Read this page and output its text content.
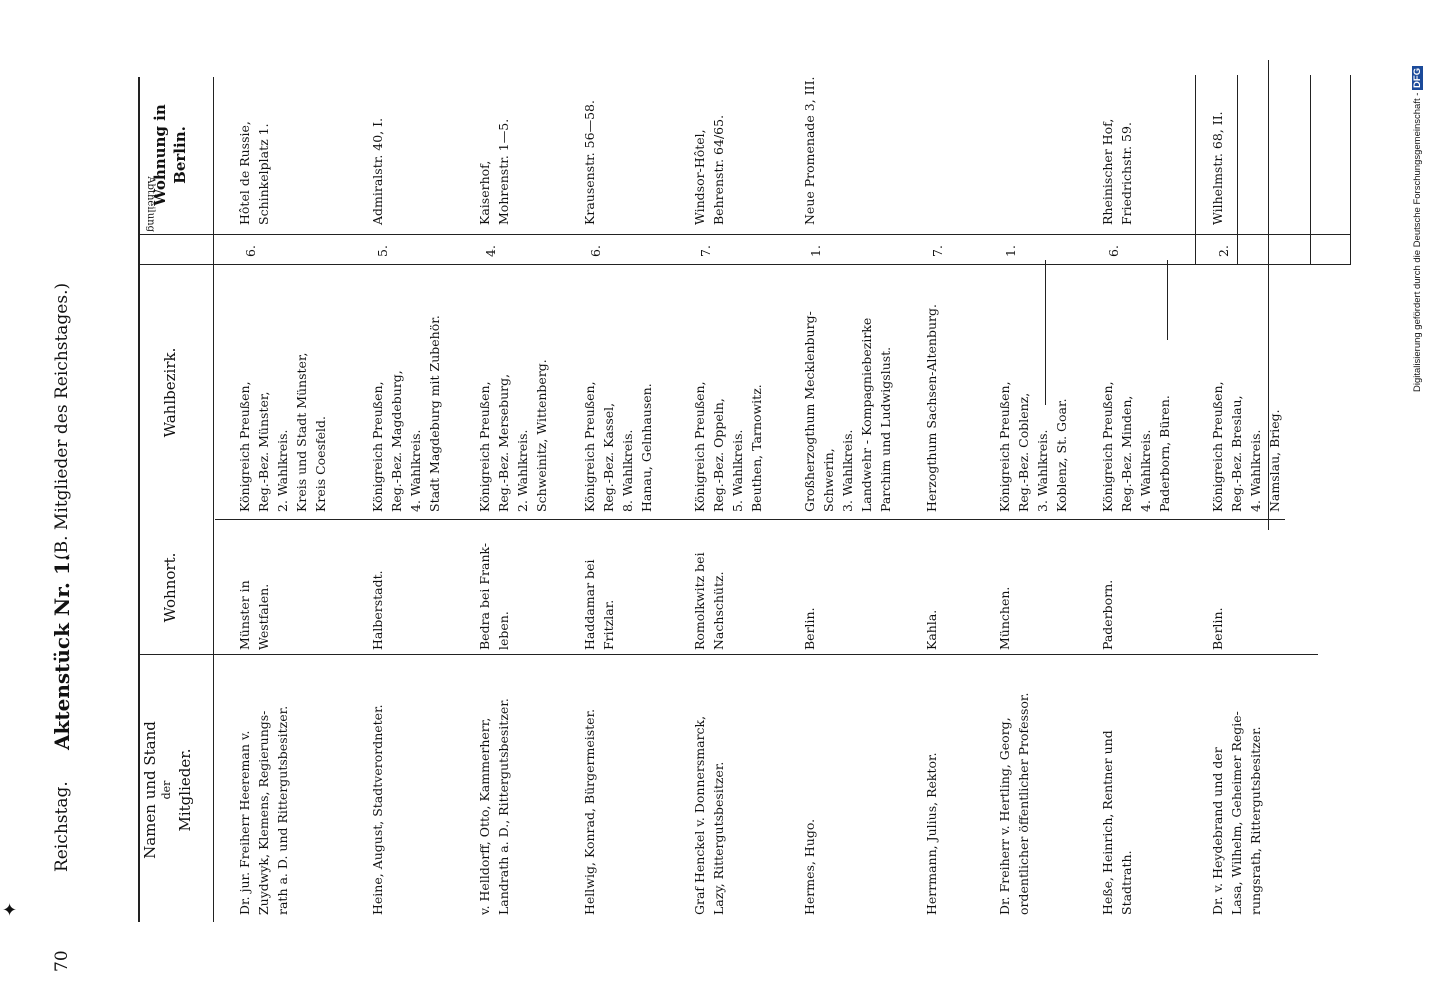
70
Reichstag.
Aktenstück Nr. 1.
(B. Mitglieder des Reichstages.)
Namen und Stand der Mitglieder.
Wohnort.
Wahlbezirk.
Abtheilung
Wohnung in Berlin.
Dr. jur. Freiherr Heereman v. Zuydwyk, Klemens, Regierungs- rath a. D. und Rittergutsbesitzer.
Münster in Westfalen.
Königreich Preußen, Reg.-Bez. Münster, 2. Wahlkreis. Kreis und Stadt Münster, Kreis Coesfeld.
6.
Hôtel de Russie, Schinkelplatz 1.
Heine, August, Stadtverordneter.
Halberstadt.
Königreich Preußen, Reg.-Bez. Magdeburg, 4. Wahlkreis. Stadt Magdeburg mit Zubehör.
5.
Admiralstr. 40, I.
v. Helldorff, Otto, Kammerherr, Landrath a. D., Rittergutsbesitzer.
Bedra bei Frank- leben.
Königreich Preußen, Reg.-Bez. Merseburg, 2. Wahlkreis. Schweinitz, Wittenberg.
4.
Kaiserhof, Mohrenstr. 1—5.
Hellwig, Konrad, Bürgermeister.
Haddamar bei Fritzlar.
Königreich Preußen, Reg.-Bez. Kassel, 8. Wahlkreis. Hanau, Gelnhausen.
6.
Krausenstr. 56—58.
Graf Henckel v. Donnersmarck, Lazy, Rittergutsbesitzer.
Romolkwitz bei Nachschütz.
Königreich Preußen, Reg.-Bez. Oppeln, 5. Wahlkreis. Beuthen, Tarnowitz.
7.
Windsor-Hôtel, Behrenstr. 64/65.
Hermes, Hugo.
Berlin.
Großherzogthum Mecklenburg- Schwerin, 3. Wahlkreis. Landwehr - Kompagniebezirke Parchim und Ludwigslust.
1.
Neue Promenade 3, III.
Herrmann, Julius, Rektor.
Kahla.
Herzogthum Sachsen-Altenburg.
7.
Dr. Freiherr v. Hertling, Georg, ordentlicher öffentlicher Professor.
München.
Königreich Preußen, Reg.-Bez. Coblenz, 3. Wahlkreis. Koblenz, St. Goar.
1.
Heße, Heinrich, Rentner und Stadtrath.
Paderborn.
Königreich Preußen, Reg.-Bez. Minden, 4. Wahlkreis. Paderborn, Büren.
6.
Rheinischer Hof, Friedrichstr. 59.
Dr. v. Heydebrand und der Lasa, Wilhelm, Geheimer Regie- rungsrath, Rittergutsbesitzer.
Berlin.
Königreich Preußen, Reg.-Bez. Breslau, 4. Wahlkreis. Namslau, Brieg.
2.
Wilhelmstr. 68, II.	Digitalisierung gefördert durch die Deutsche Forschungsgemeinschaft - DFG
✦
